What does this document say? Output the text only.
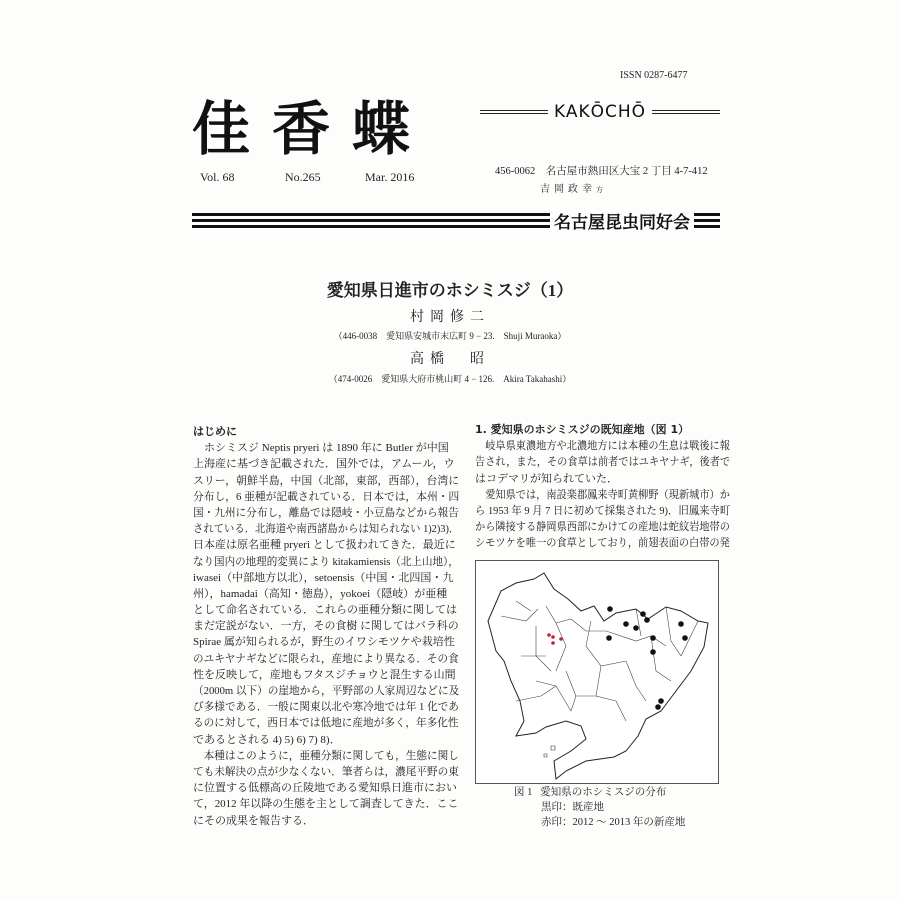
ISSN 0287-6477
佳香蝶
Vol. 68	No.265	Mar. 2016
KAKŌCHŌ
456-0062　名古屋市熱田区大宝 2 丁目 4-7-412
吉岡政幸方
名古屋昆虫同好会
愛知県日進市のホシミスジ（1）
村岡修二
（446-0038　愛知県安城市末広町 9 − 23.　Shuji Muraoka）
高橋　昭
（474-0026　愛知県大府市桃山町 4 − 126.　Akira Takahashi）
はじめに
ホシミスジ Neptis pryeri は 1890 年に Butler が中国
上海産に基づき記載された．国外では，アムール，ウ
スリー，朝鮮半島，中国（北部，東部，西部），台湾に
分布し，6 亜種が記載されている．日本では，本州・四
国・九州に分布し，離島では隠岐・小豆島などから報告
されている．北海道や南西諸島からは知られない 1)2)3)．
日本産は原名亜種 pryeri として扱われてきた．最近に
なり国内の地理的変異により kitakamiensis（北上山地），
iwasei（中部地方以北），setoensis（中国・北四国・九
州），hamadai（高知・徳島），yokoei（隠岐）が亜種
として命名されている．これらの亜種分類に関しては
まだ定説がない．一方，その食樹 に関してはバラ科の
Spirae 属が知られるが，野生のイワシモツケや栽培性
のユキヤナギなどに限られ，産地により異なる．その食
性を反映して，産地もフタスジチョウと混生する山間
（2000m 以下）の崖地から，平野部の人家周辺などに及
び多様である．一般に関東以北や寒冷地では年 1 化であ
るのに対して，西日本では低地に産地が多く，年多化性
であるとされる 4) 5) 6) 7) 8)．
本種はこのように，亜種分類に関しても，生態に関し
ても未解決の点が少なくない．筆者らは，濃尾平野の東
に位置する低標高の丘陵地である愛知県日進市におい
て，2012 年以降の生態を主として調査してきた．ここ
にその成果を報告する．
1. 愛知県のホシミスジの既知産地（図 1）
岐阜県東濃地方や北濃地方には本種の生息は戦後に報
告され，また，その食草は前者ではユキヤナギ，後者で
はコデマリが知られていた．
愛知県では，南設楽郡鳳来寺町黄柳野（現新城市）か
ら 1953 年 9 月 7 日に初めて採集された 9)．旧鳳来寺町
から隣接する静岡県西部にかけての産地は蛇紋岩地帯の
シモツケを唯一の食草としており，前翅表面の白帯の発
図 1 愛知県のホシミスジの分布
黒印：既産地
赤印：2012 〜 2013 年の新産地
